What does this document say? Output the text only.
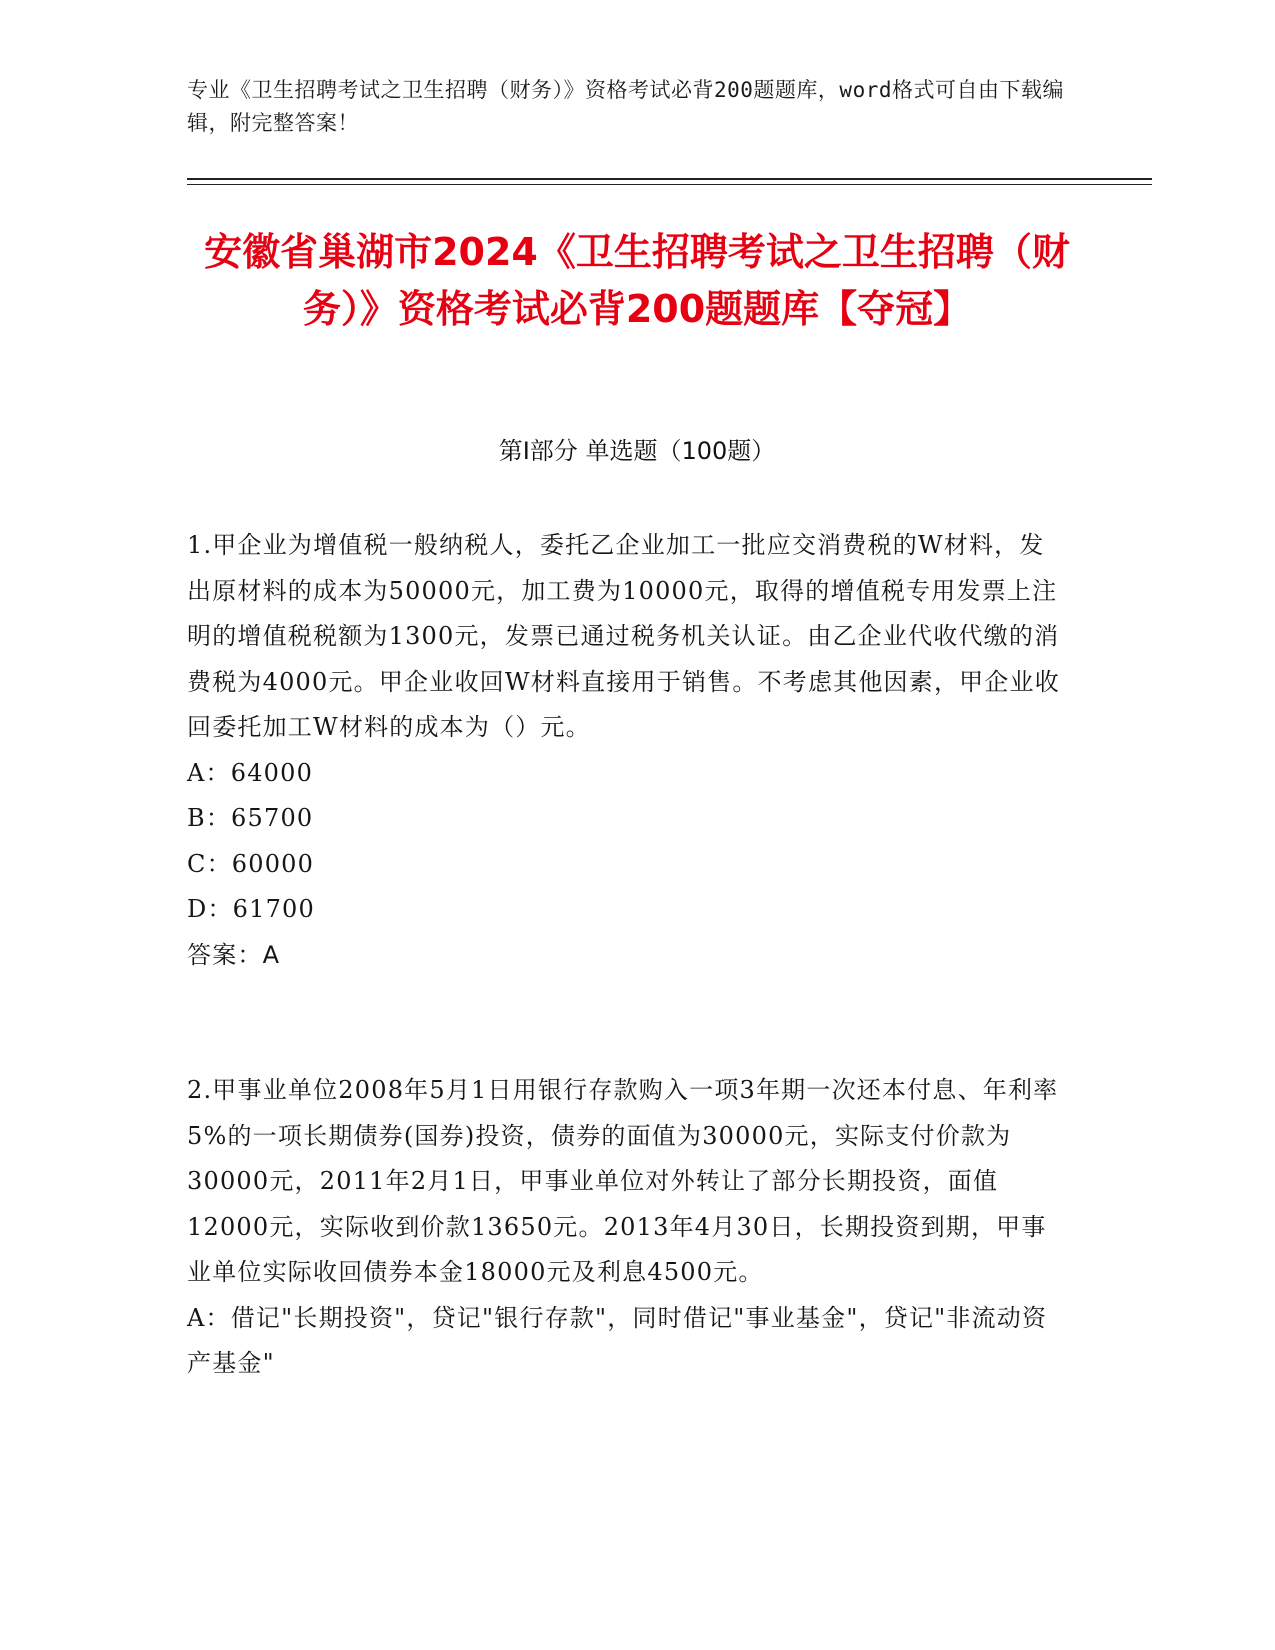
专业《卫生招聘考试之卫生招聘（财务）》资格考试必背200题题库，word格式可自由下载编辑，附完整答案！
安徽省巢湖市2024《卫生招聘考试之卫生招聘（财务）》资格考试必背200题题库【夺冠】
第I部分 单选题（100题）

1.甲企业为增值税一般纳税人，委托乙企业加工一批应交消费税的W材料，发出原材料的成本为50000元，加工费为10000元，取得的增值税专用发票上注明的增值税税额为1300元，发票已通过税务机关认证。由乙企业代收代缴的消费税为4000元。甲企业收回W材料直接用于销售。不考虑其他因素，甲企业收回委托加工W材料的成本为（）元。

A：64000

B：65700

C：60000

D：61700

答案：A

2.甲事业单位2008年5月1日用银行存款购入一项3年期一次还本付息、年利率5%的一项长期债券(国券)投资，债券的面值为30000元，实际支付价款为30000元，2011年2月1日，甲事业单位对外转让了部分长期投资，面值12000元，实际收到价款13650元。2013年4月30日，长期投资到期，甲事业单位实际收回债券本金18000元及利息4500元。

A：借记"长期投资"，贷记"银行存款"，同时借记"事业基金"，贷记"非流动资产基金"
